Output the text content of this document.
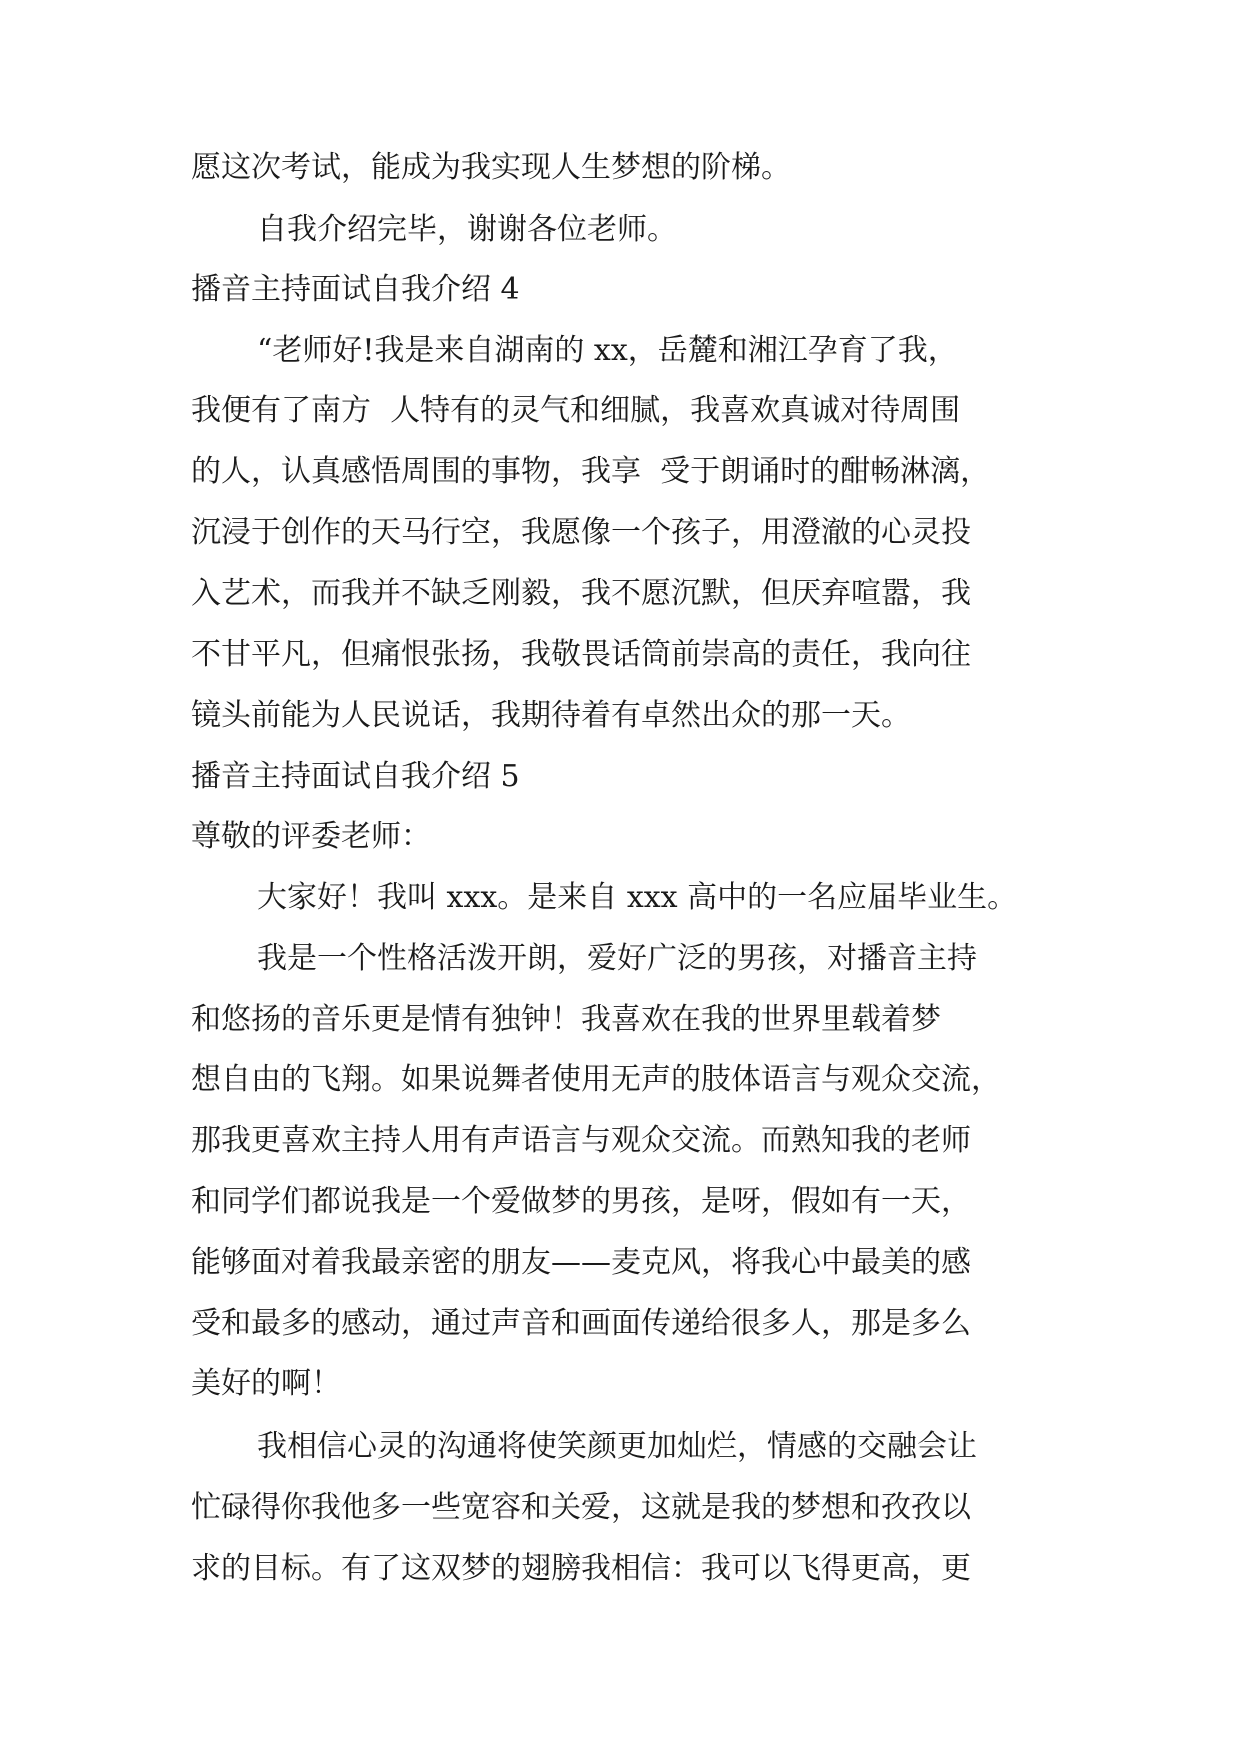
愿这次考试，能成为我实现人生梦想的阶梯。

自我介绍完毕，谢谢各位老师。

播音主持面试自我介绍 4

“老师好!我是来自湖南的 xx，岳麓和湘江孕育了我，

我便有了南方  人特有的灵气和细腻，我喜欢真诚对待周围

的人，认真感悟周围的事物，我享  受于朗诵时的酣畅淋漓，

沉浸于创作的天马行空，我愿像一个孩子，用澄澈的心灵投

入艺术，而我并不缺乏刚毅，我不愿沉默，但厌弃喧嚣，我

不甘平凡，但痛恨张扬，我敬畏话筒前崇高的责任，我向往

镜头前能为人民说话，我期待着有卓然出众的那一天。

播音主持面试自我介绍 5

尊敬的评委老师：

大家好！我叫 xxx。是来自 xxx 高中的一名应届毕业生。

我是一个性格活泼开朗，爱好广泛的男孩，对播音主持

和悠扬的音乐更是情有独钟！我喜欢在我的世界里载着梦

想自由的飞翔。如果说舞者使用无声的肢体语言与观众交流，

那我更喜欢主持人用有声语言与观众交流。而熟知我的老师

和同学们都说我是一个爱做梦的男孩，是呀，假如有一天，

能够面对着我最亲密的朋友——麦克风，将我心中最美的感

受和最多的感动，通过声音和画面传递给很多人，那是多么

美好的啊！

我相信心灵的沟通将使笑颜更加灿烂，情感的交融会让

忙碌得你我他多一些宽容和关爱，这就是我的梦想和孜孜以

求的目标。有了这双梦的翅膀我相信：我可以飞得更高，更
